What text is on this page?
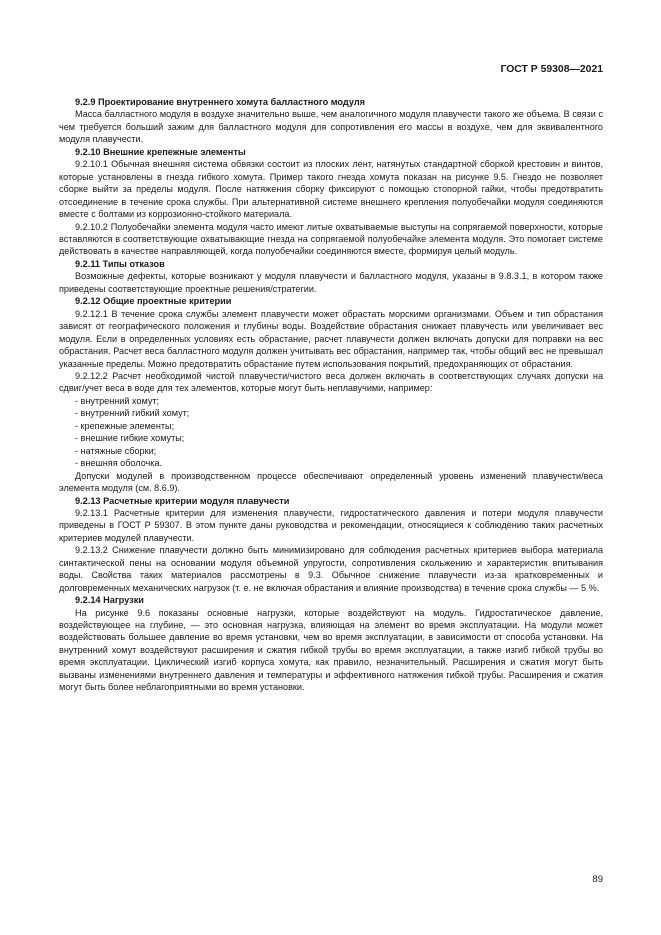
ГОСТ Р 59308—2021

9.2.9 Проектирование внутреннего хомута балластного модуля

Масса балластного модуля в воздухе значительно выше, чем аналогичного модуля плавучести такого же объема. В связи с чем требуется больший зажим для балластного модуля для сопротивления его массы в воздухе, чем для эквивалентного модуля плавучести.

9.2.10 Внешние крепежные элементы

9.2.10.1 Обычная внешняя система обвязки состоит из плоских лент, натянутых стандартной сборкой крестовин и винтов, которые установлены в гнезда гибкого хомута. Пример такого гнезда хомута показан на рисунке 9.5. Гнездо не позволяет сборке выйти за пределы модуля. После натяжения сборку фиксируют с помощью стопорной гайки, чтобы предотвратить отсоединение в течение срока службы. При альтернативной системе внешнего крепления полуобечайки модуля соединяются вместе с болтами из коррозионно-стойкого материала.

9.2.10.2 Полуобечайки элемента модуля часто имеют литые охватываемые выступы на сопрягаемой поверхности, которые вставляются в соответствующие охватывающие гнезда на сопрягаемой полуобечайке элемента модуля. Это помогает системе действовать в качестве направляющей, когда полуобечайки соединяются вместе, формируя целый модуль.

9.2.11 Типы отказов

Возможные дефекты, которые возникают у модуля плавучести и балластного модуля, указаны в 9.8.3.1, в котором также приведены соответствующие проектные решения/стратегии.

9.2.12 Общие проектные критерии

9.2.12.1 В течение срока службы элемент плавучести может обрастать морскими организмами. Объем и тип обрастания зависят от географического положения и глубины воды. Воздействие обрастания снижает плавучесть или увеличивает вес модуля. Если в определенных условиях есть обрастание, расчет плавучести должен включать допуски для поправки на вес обрастания. Расчет веса балластного модуля должен учитывать вес обрастания, например так, чтобы общий вес не превышал указанные пределы. Можно предотвратить обрастание путем использования покрытий, предохраняющих от обрастания.

9.2.12.2 Расчет необходимой чистой плавучести/чистого веса должен включать в соответствующих случаях допуски на сдвиг/учет веса в воде для тех элементов, которые могут быть неплавучими, например:

- внутренний хомут;

- внутренний гибкий хомут;

- крепежные элементы;

- внешние гибкие хомуты;

- натяжные сборки;

- внешняя оболочка.

Допуски модулей в производственном процессе обеспечивают определенный уровень изменений плавучести/веса элемента модуля (см. 8.6.9).

9.2.13 Расчетные критерии модуля плавучести

9.2.13.1 Расчетные критерии для изменения плавучести, гидростатического давления и потери модуля плавучести приведены в ГОСТ Р 59307. В этом пункте даны руководства и рекомендации, относящиеся к соблюдению таких расчетных критериев модулей плавучести.

9.2.13.2 Снижение плавучести должно быть минимизировано для соблюдения расчетных критериев выбора материала синтактической пены на основании модуля объемной упругости, сопротивления скольжению и характеристик впитывания воды. Свойства таких материалов рассмотрены в 9.3. Обычное снижение плавучести из-за кратковременных и долговременных механических нагрузок (т. е. не включая обрастания и влияние производства) в течение срока службы — 5 %.

9.2.14 Нагрузки

На рисунке 9.6 показаны основные нагрузки, которые воздействуют на модуль. Гидростатическое давление, воздействующее на глубине, — это основная нагрузка, влияющая на элемент во время эксплуатации. На модули может воздействовать большее давление во время установки, чем во время эксплуатации, в зависимости от способа установки. На внутренний хомут воздействуют расширения и сжатия гибкой трубы во время эксплуатации, а также изгиб гибкой трубы во время эксплуатации. Циклический изгиб корпуса хомута, как правило, незначительный. Расширения и сжатия могут быть вызваны изменениями внутреннего давления и температуры и эффективного натяжения гибкой трубы. Расширения и сжатия могут быть более неблагоприятными во время установки.

89
